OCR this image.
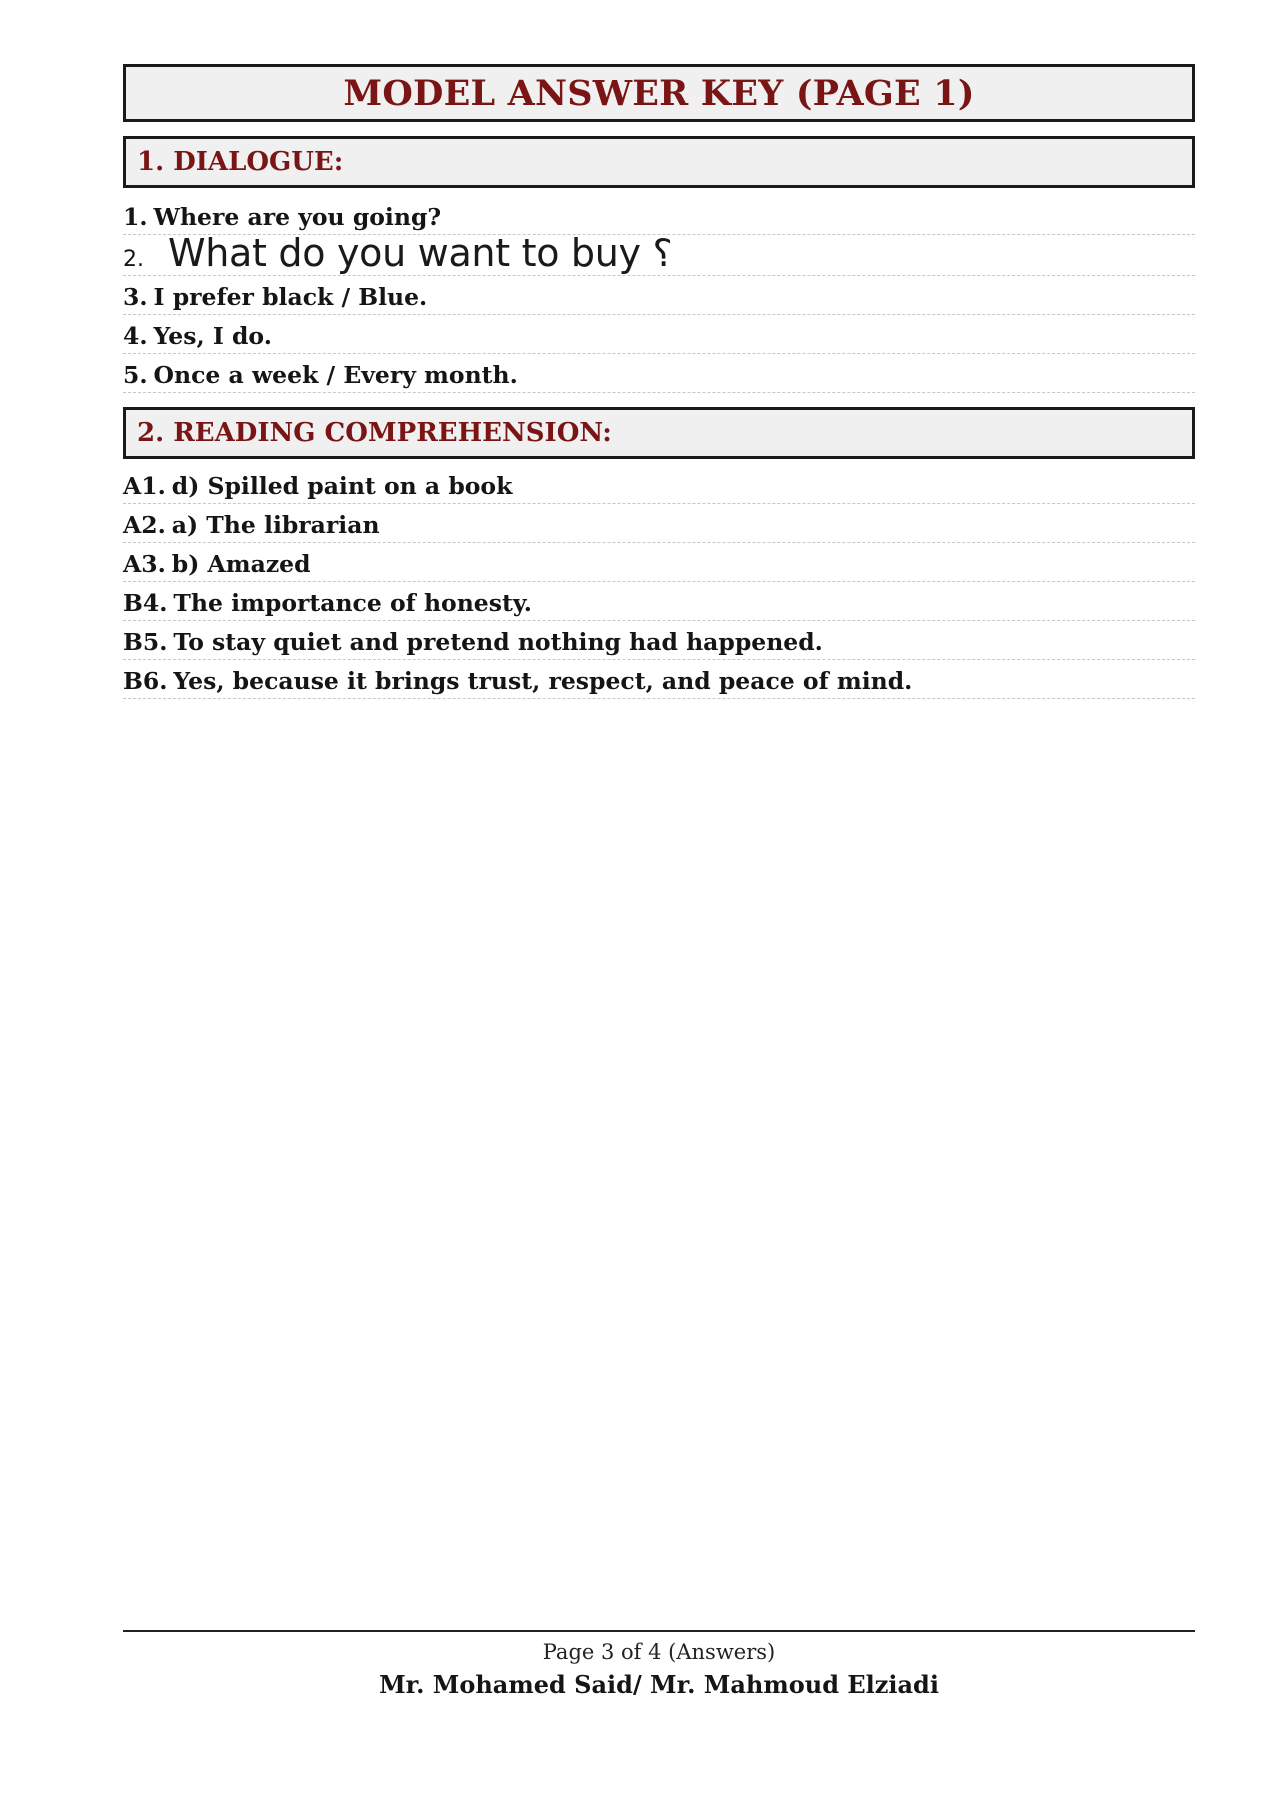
MODEL ANSWER KEY (PAGE 1)
1. DIALOGUE:
1. Where are you going?
2. What do you want to buy ؟
3. I prefer black / Blue.
4. Yes, I do.
5. Once a week / Every month.
2. READING COMPREHENSION:
A1. d) Spilled paint on a book
A2. a) The librarian
A3. b) Amazed
B4. The importance of honesty.
B5. To stay quiet and pretend nothing had happened.
B6. Yes, because it brings trust, respect, and peace of mind.
Page 3 of 4 (Answers)
Mr. Mohamed Said/ Mr. Mahmoud Elziadi
